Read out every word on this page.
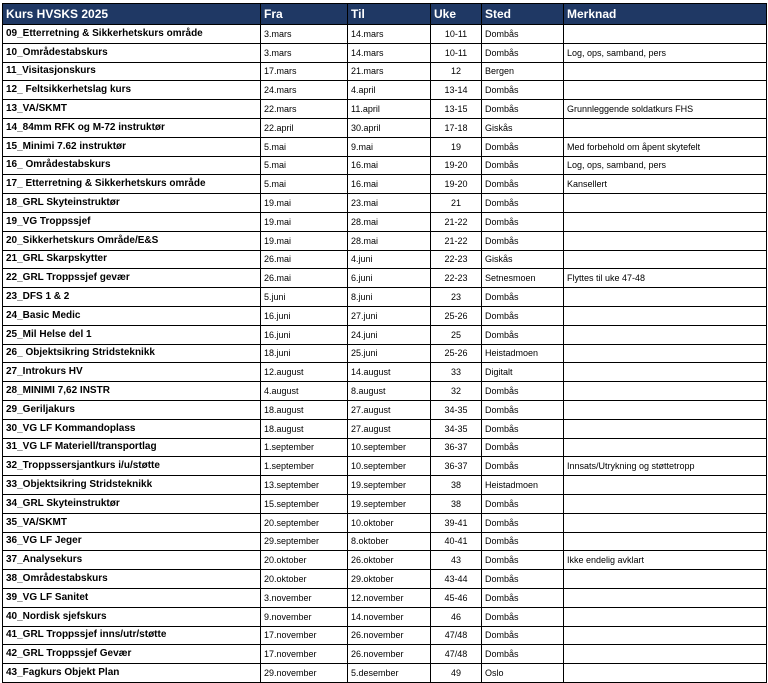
Kurs HVSKS 2025	Fra	Til	Uke	Sted	Merknad
09_Etterretning & Sikkerhetskurs område	3.mars	14.mars	10-11	Dombås	
10_Områdestabskurs	3.mars	14.mars	10-11	Dombås	Log, ops, samband, pers
11_Visitasjonskurs	17.mars	21.mars	12	Bergen	
12_ Feltsikkerhetslag kurs	24.mars	4.april	13-14	Dombås	
13_VA/SKMT	22.mars	11.april	13-15	Dombås	Grunnleggende soldatkurs FHS
14_84mm RFK og M-72 instruktør	22.april	30.april	17-18	Giskås	
15_Minimi 7.62 instruktør	5.mai	9.mai	19	Dombås	Med forbehold om åpent skytefelt
16_ Områdestabskurs	5.mai	16.mai	19-20	Dombås	Log, ops, samband, pers
17_ Etterretning & Sikkerhetskurs område	5.mai	16.mai	19-20	Dombås	Kansellert
18_GRL Skyteinstruktør	19.mai	23.mai	21	Dombås	
19_VG Troppssjef	19.mai	28.mai	21-22	Dombås	
20_Sikkerhetskurs Område/E&S	19.mai	28.mai	21-22	Dombås	
21_GRL Skarpskytter	26.mai	4.juni	22-23	Giskås	
22_GRL Troppssjef gevær	26.mai	6.juni	22-23	Setnesmoen	Flyttes til uke 47-48
23_DFS 1 & 2	5.juni	8.juni	23	Dombås	
24_Basic Medic	16.juni	27.juni	25-26	Dombås	
25_Mil Helse del 1	16.juni	24.juni	25	Dombås	
26_ Objektsikring Stridsteknikk	18.juni	25.juni	25-26	Heistadmoen	
27_Introkurs HV	12.august	14.august	33	Digitalt	
28_MINIMI 7,62 INSTR	4.august	8.august	32	Dombås	
29_Geriljakurs	18.august	27.august	34-35	Dombås	
30_VG LF Kommandoplass	18.august	27.august	34-35	Dombås	
31_VG LF Materiell/transportlag	1.september	10.september	36-37	Dombås	
32_Troppssersjantkurs i/u/støtte	1.september	10.september	36-37	Dombås	Innsats/Utrykning og støttetropp
33_Objektsikring Stridsteknikk	13.september	19.september	38	Heistadmoen	
34_GRL Skyteinstruktør	15.september	19.september	38	Dombås	
35_VA/SKMT	20.september	10.oktober	39-41	Dombås	
36_VG LF Jeger	29.september	8.oktober	40-41	Dombås	
37_Analysekurs	20.oktober	26.oktober	43	Dombås	Ikke endelig avklart
38_Områdestabskurs	20.oktober	29.oktober	43-44	Dombås	
39_VG LF Sanitet	3.november	12.november	45-46	Dombås	
40_Nordisk sjefskurs	9.november	14.november	46	Dombås	
41_GRL Troppssjef inns/utr/støtte	17.november	26.november	47/48	Dombås	
42_GRL Troppssjef Gevær	17.november	26.november	47/48	Dombås	
43_Fagkurs Objekt Plan	29.november	5.desember	49	Oslo	
